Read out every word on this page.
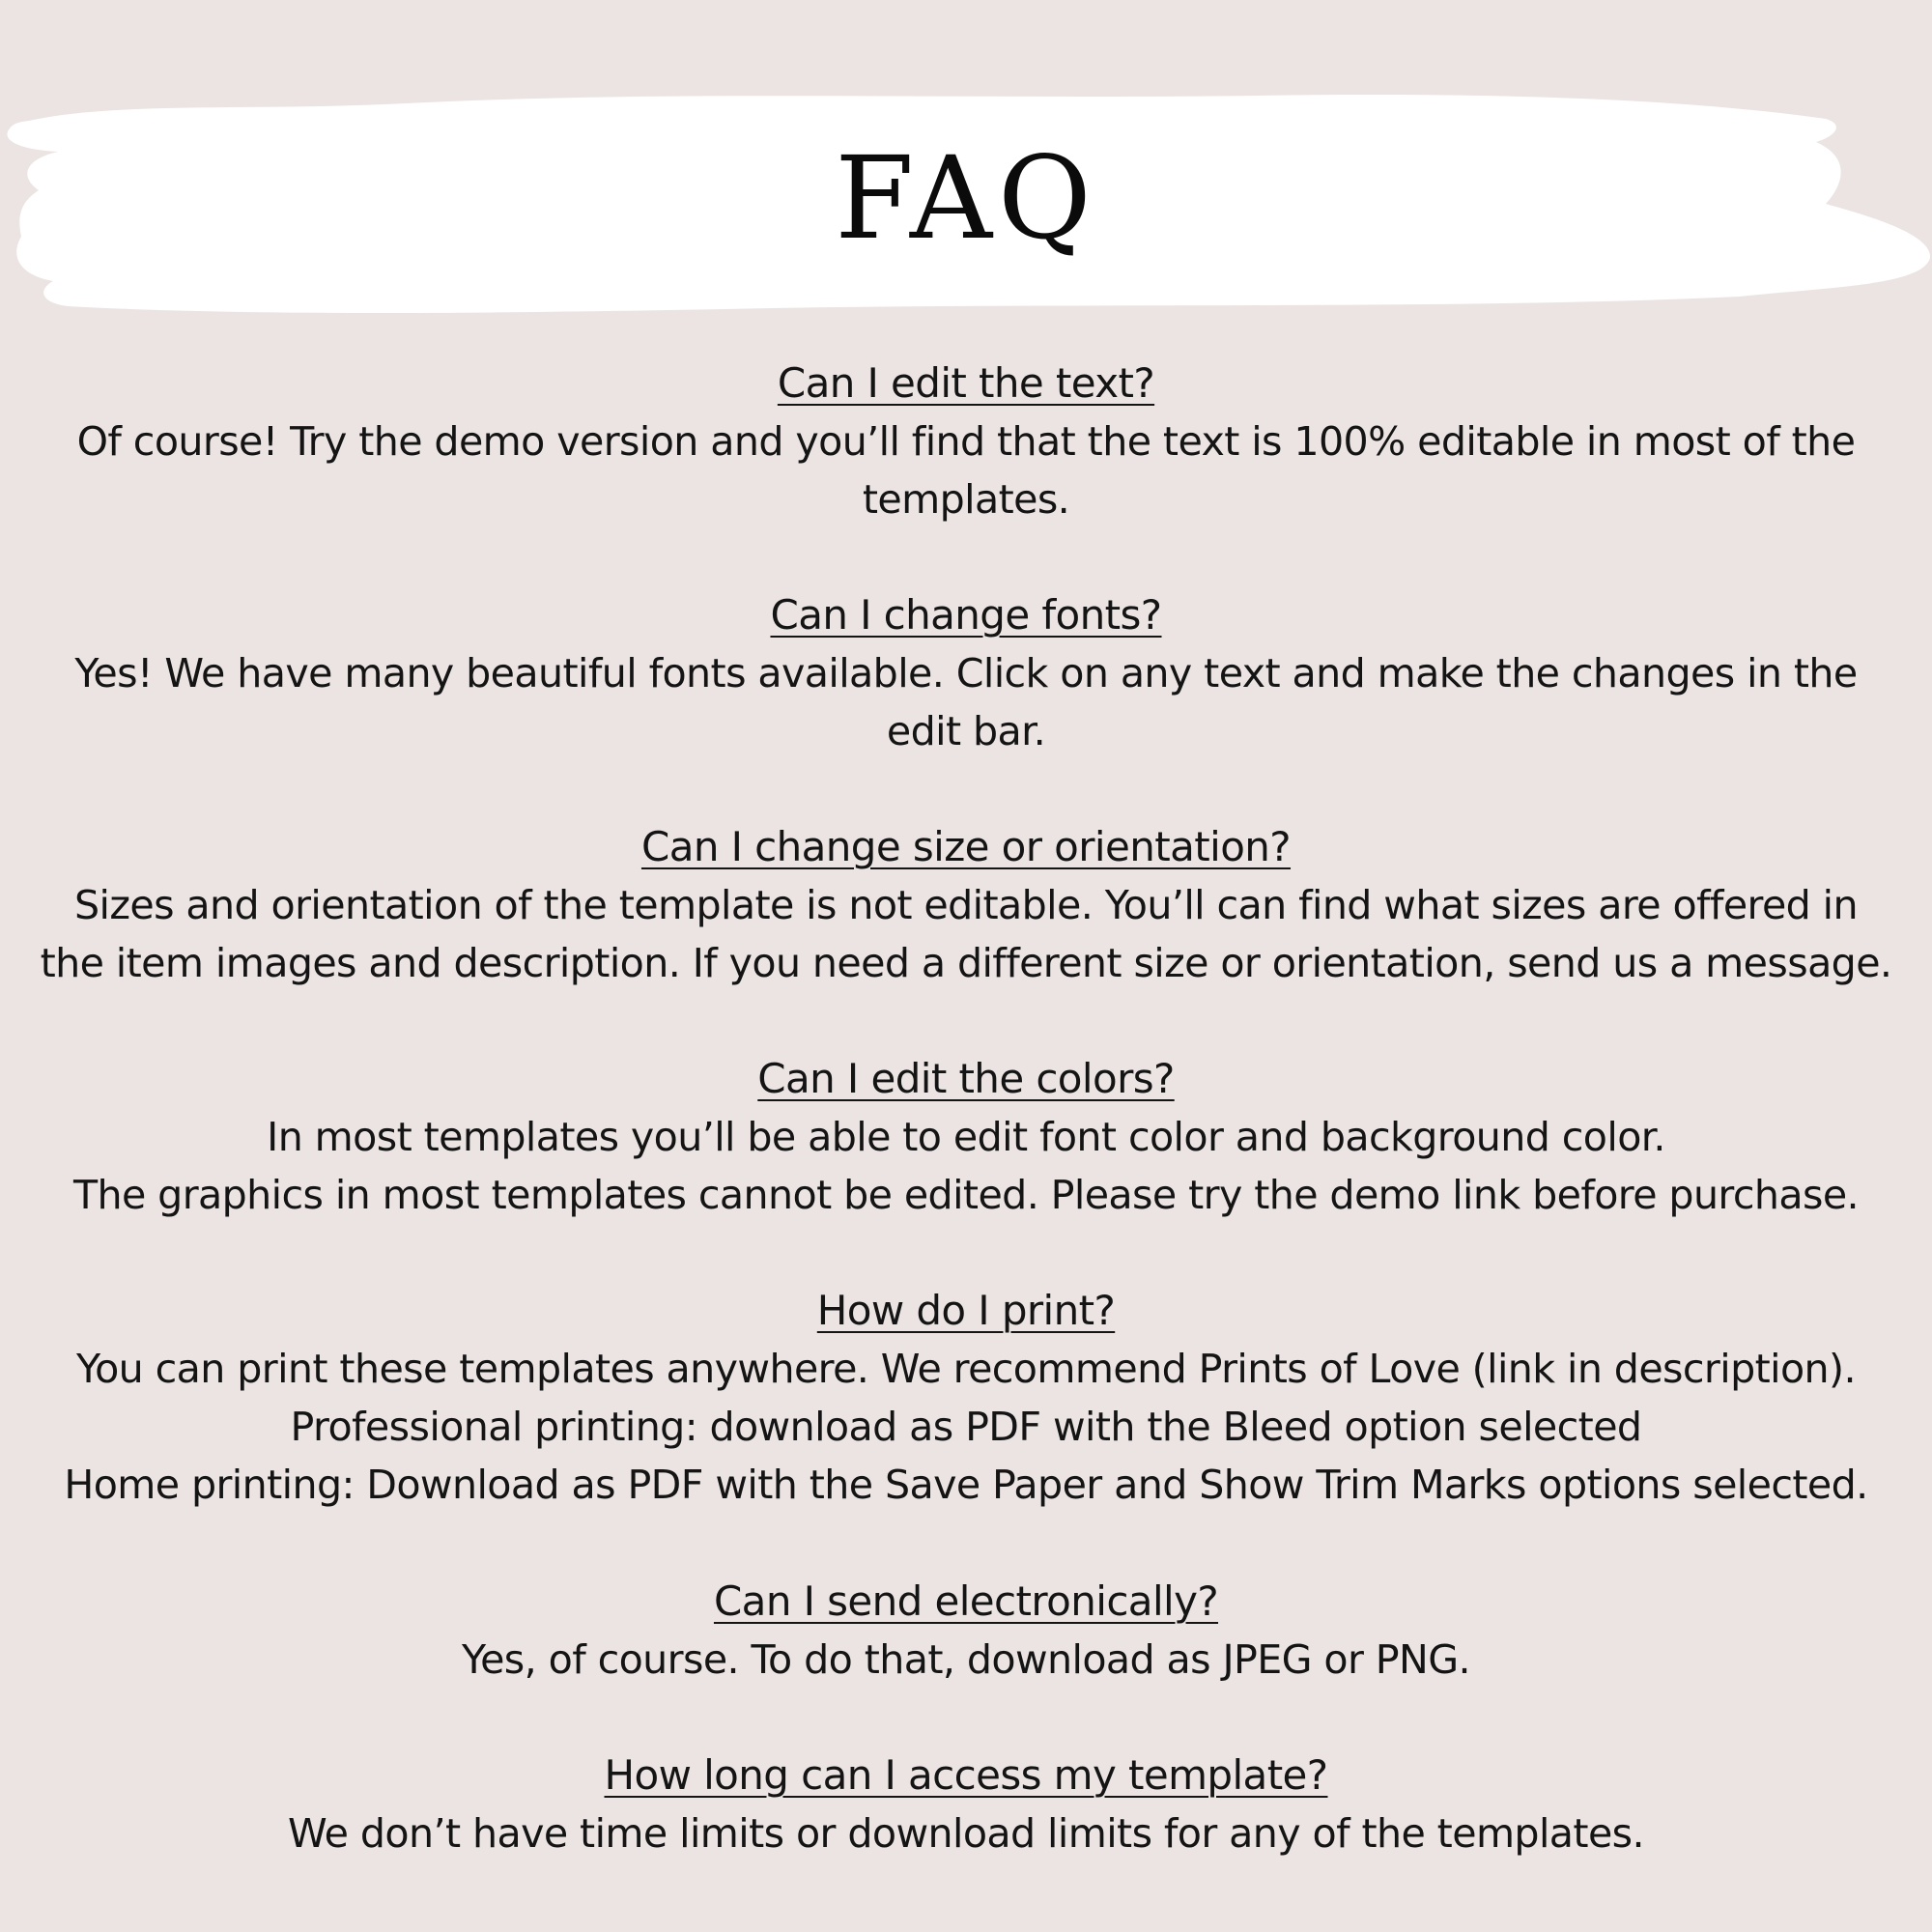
FAQ
Can I edit the text?
Of course! Try the demo version and you’ll find that the text is 100% editable in most of the
templates.
Can I change fonts?
Yes! We have many beautiful fonts available. Click on any text and make the changes in the
edit bar.
Can I change size or orientation?
Sizes and orientation of the template is not editable. You’ll can find what sizes are offered in
the item images and description. If you need a different size or orientation, send us a message.
Can I edit the colors?
In most templates you’ll be able to edit font color and background color.
The graphics in most templates cannot be edited. Please try the demo link before purchase.
How do I print?
You can print these templates anywhere. We recommend Prints of Love (link in description).
Professional printing: download as PDF with the Bleed option selected
Home printing: Download as PDF with the Save Paper and Show Trim Marks options selected.
Can I send electronically?
Yes, of course. To do that, download as JPEG or PNG.
How long can I access my template?
We don’t have time limits or download limits for any of the templates.
